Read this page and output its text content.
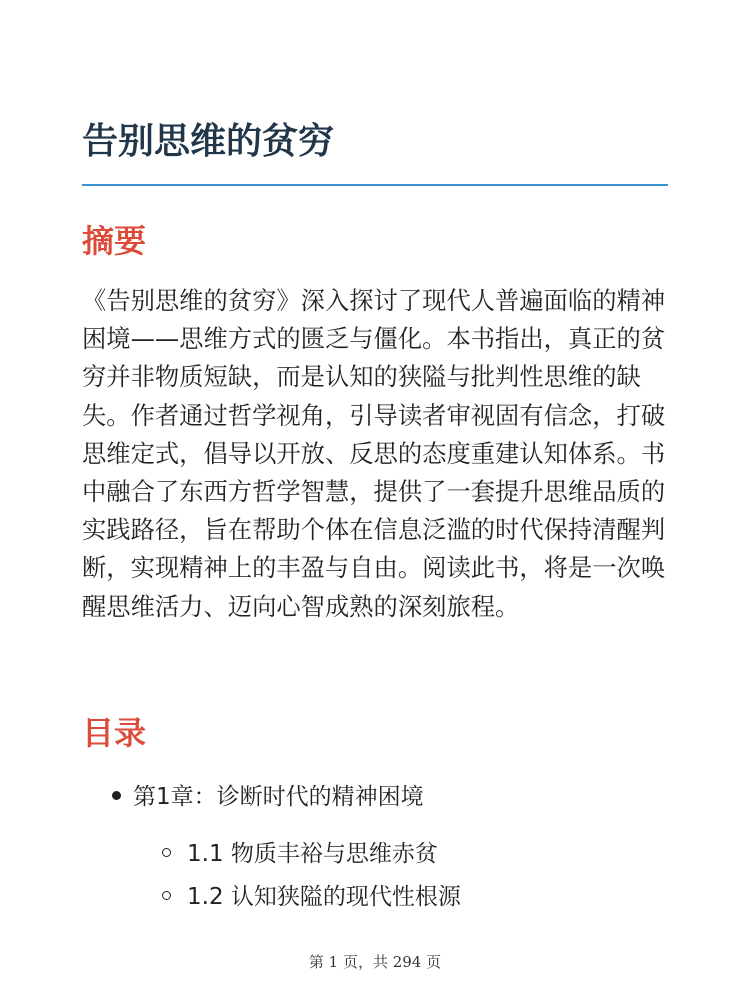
告别思维的贫穷
摘要

《告别思维的贫穷》深入探讨了现代人普遍面临的精神困境——思维方式的匮乏与僵化。本书指出，真正的贫穷并非物质短缺，而是认知的狭隘与批判性思维的缺失。作者通过哲学视角，引导读者审视固有信念，打破思维定式，倡导以开放、反思的态度重建认知体系。书中融合了东西方哲学智慧，提供了一套提升思维品质的实践路径，旨在帮助个体在信息泛滥的时代保持清醒判断，实现精神上的丰盈与自由。阅读此书，将是一次唤醒思维活力、迈向心智成熟的深刻旅程。

目录
第1章：诊断时代的精神困境
1.1 物质丰裕与思维赤贫
1.2 认知狭隘的现代性根源
第 1 页，共 294 页
